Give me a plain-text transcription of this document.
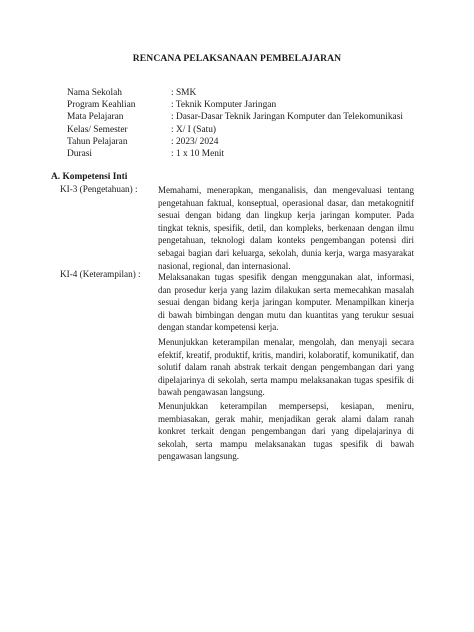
RENCANA PELAKSANAAN PEMBELAJARAN
Nama Sekolah	: SMK
Program Keahlian	: Teknik Komputer Jaringan
Mata Pelajaran	: Dasar-Dasar Teknik Jaringan Komputer dan Telekomunikasi
Kelas/ Semester	: X/ I (Satu)
Tahun Pelajaran	: 2023/ 2024
Durasi	: 1 x 10 Menit
A. Kompetensi Inti
KI-3 (Pengetahuan) : Memahami, menerapkan, menganalisis, dan mengevaluasi tentang pengetahuan faktual, konseptual, operasional dasar, dan metakognitif sesuai dengan bidang dan lingkup kerja jaringan komputer. Pada tingkat teknis, spesifik, detil, dan kompleks, berkenaan dengan ilmu pengetahuan, teknologi dalam konteks pengembangan potensi diri sebagai bagian dari keluarga, sekolah, dunia kerja, warga masyarakat nasional, regional, dan internasional.
KI-4 (Keterampilan) : Melaksanakan tugas spesifik dengan menggunakan alat, informasi, dan prosedur kerja yang lazim dilakukan serta memecahkan masalah sesuai dengan bidang kerja jaringan komputer. Menampilkan kinerja di bawah bimbingan dengan mutu dan kuantitas yang terukur sesuai dengan standar kompetensi kerja.
Menunjukkan keterampilan menalar, mengolah, dan menyaji secara efektif, kreatif, produktif, kritis, mandiri, kolaboratif, komunikatif, dan solutif dalam ranah abstrak terkait dengan pengembangan dari yang dipelajarinya di sekolah, serta mampu melaksanakan tugas spesifik di bawah pengawasan langsung.
Menunjukkan keterampilan mempersepsi, kesiapan, meniru, membiasakan, gerak mahir, menjadikan gerak alami dalam ranah konkret terkait dengan pengembangan dari yang dipelajarinya di sekolah, serta mampu melaksanakan tugas spesifik di bawah pengawasan langsung.
